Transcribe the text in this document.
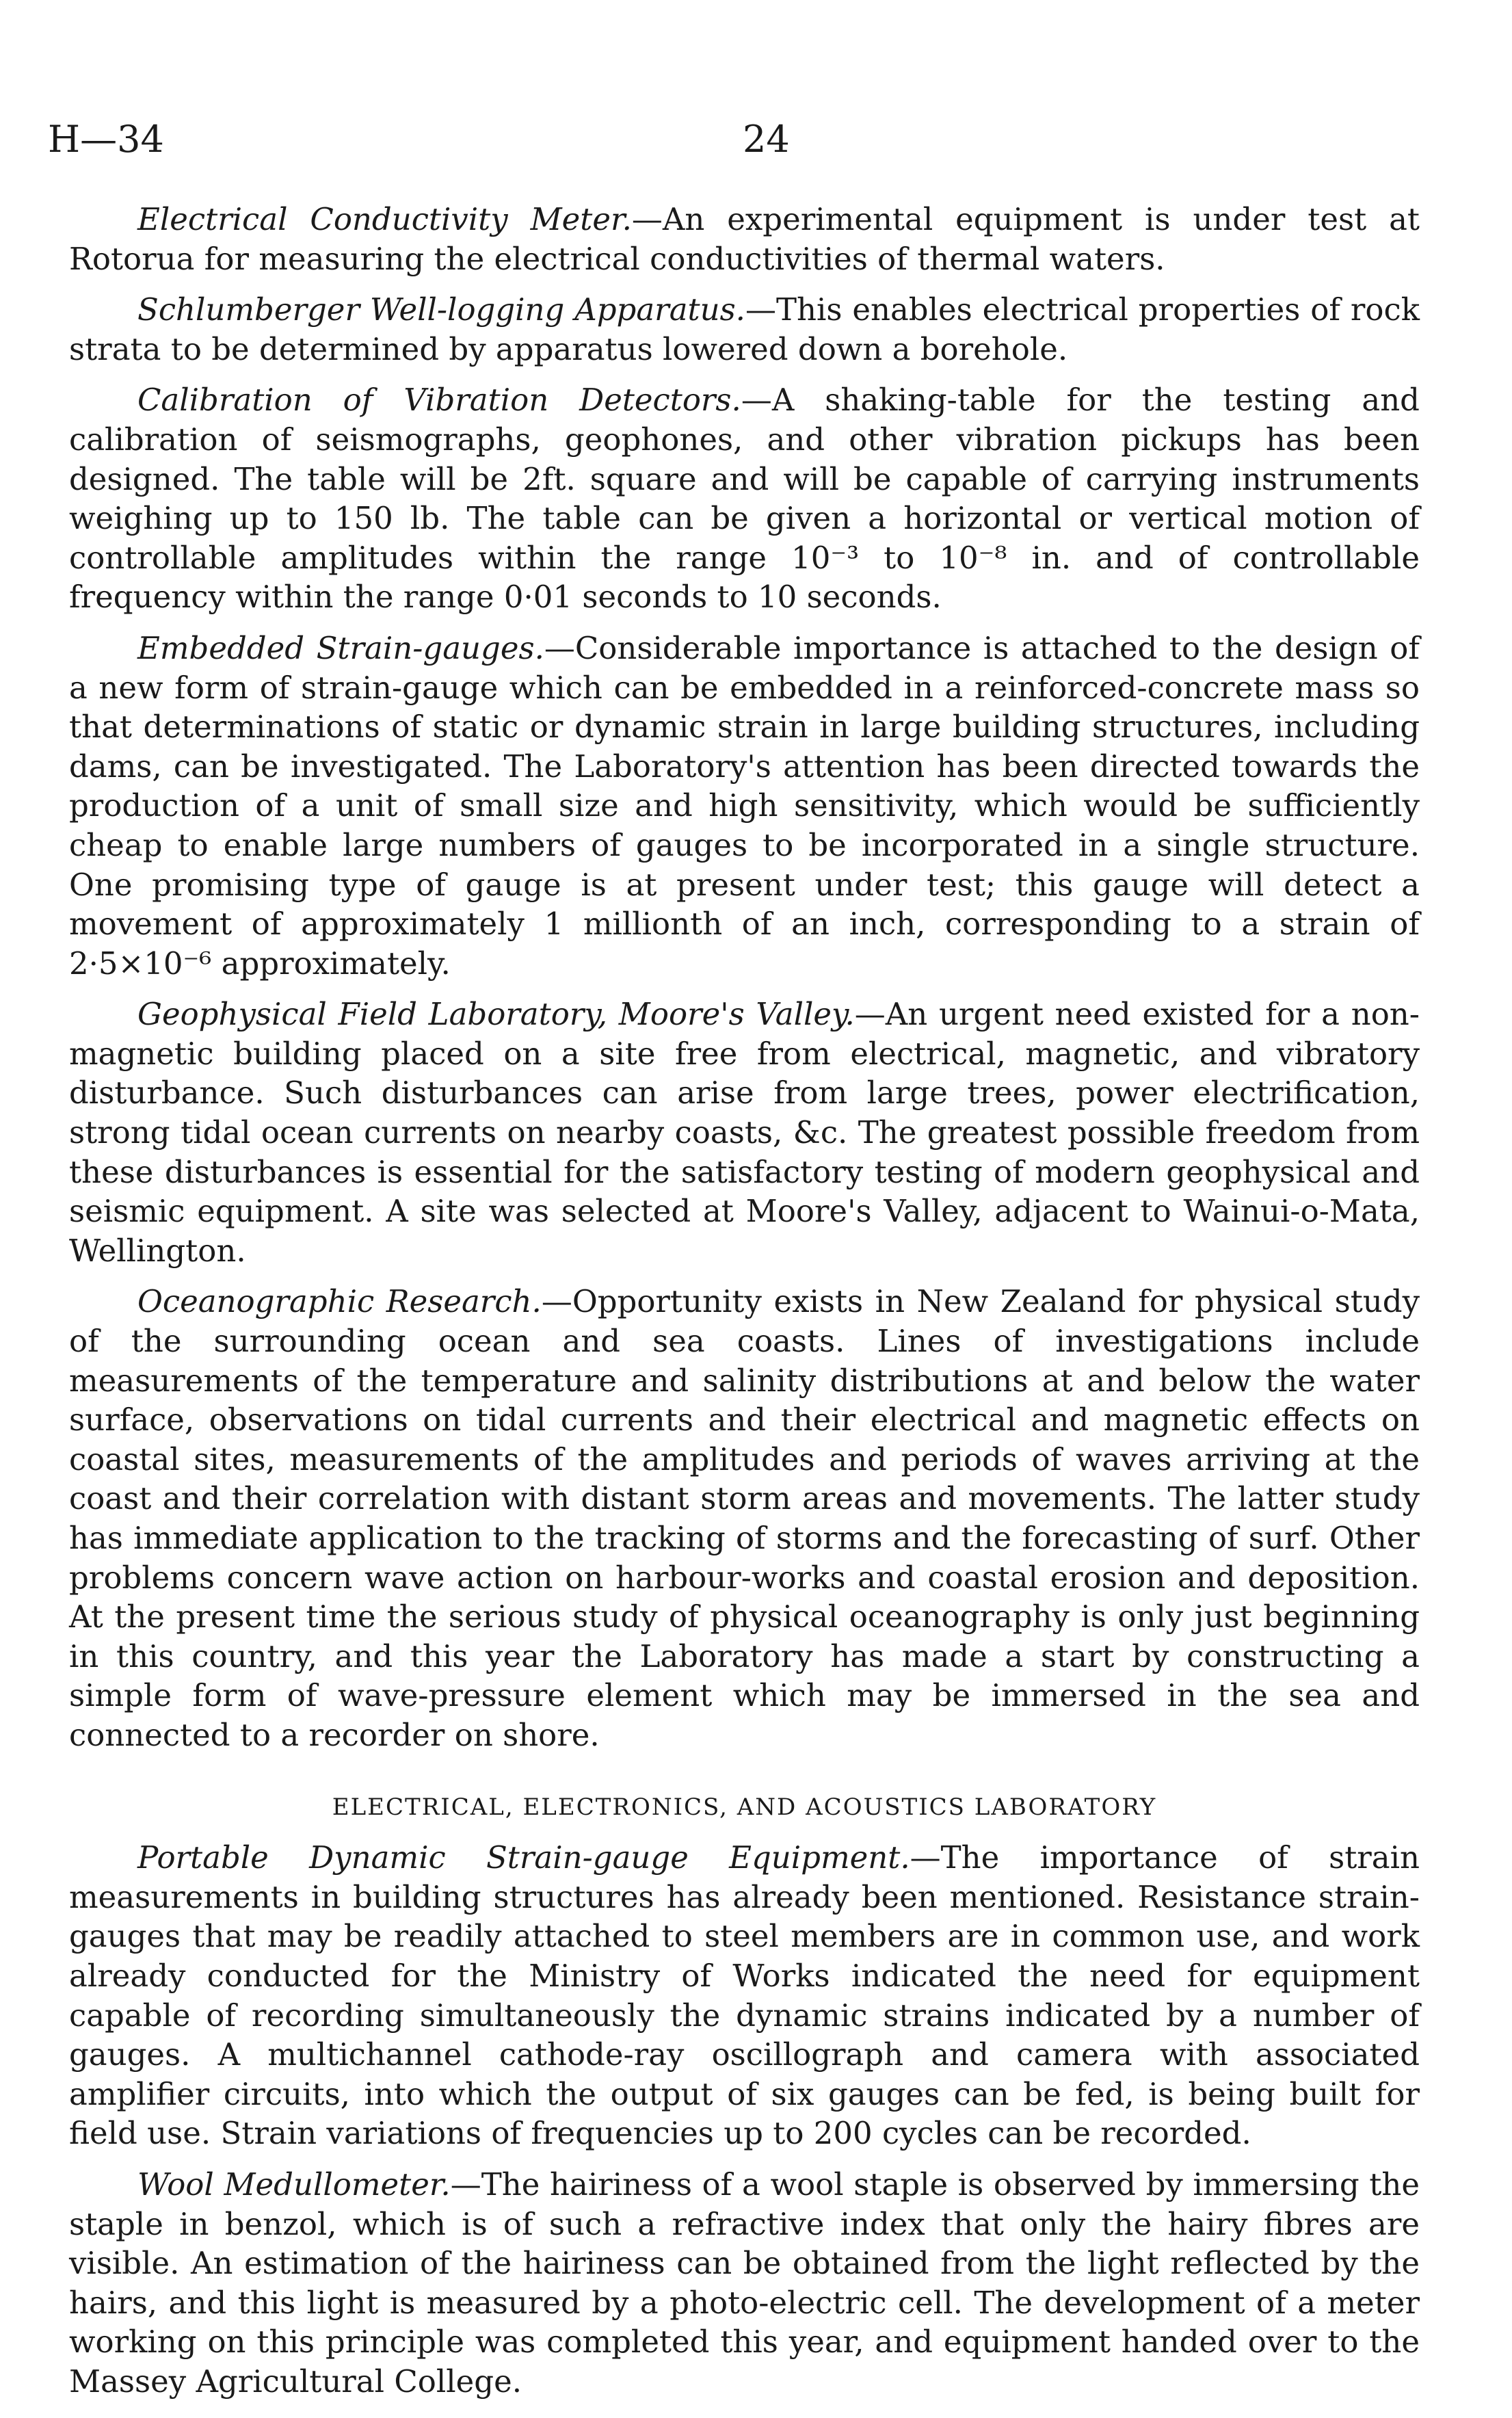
H—34	24

Electrical Conductivity Meter.—An experimental equipment is under test at Rotorua for measuring the electrical conductivities of thermal waters.

Schlumberger Well-logging Apparatus.—This enables electrical properties of rock strata to be determined by apparatus lowered down a borehole.

Calibration of Vibration Detectors.—A shaking-table for the testing and calibration of seismographs, geophones, and other vibration pickups has been designed. The table will be 2ft. square and will be capable of carrying instruments weighing up to 150 lb. The table can be given a horizontal or vertical motion of controllable amplitudes within the range 10⁻³ to 10⁻⁸ in. and of controllable frequency within the range 0·01 seconds to 10 seconds.

Embedded Strain-gauges.—Considerable importance is attached to the design of a new form of strain-gauge which can be embedded in a reinforced-concrete mass so that determinations of static or dynamic strain in large building structures, including dams, can be investigated. The Laboratory's attention has been directed towards the production of a unit of small size and high sensitivity, which would be sufficiently cheap to enable large numbers of gauges to be incorporated in a single structure. One promising type of gauge is at present under test; this gauge will detect a movement of approximately 1 millionth of an inch, corresponding to a strain of 2·5×10⁻⁶ approximately.

Geophysical Field Laboratory, Moore's Valley.—An urgent need existed for a non-magnetic building placed on a site free from electrical, magnetic, and vibratory disturbance. Such disturbances can arise from large trees, power electrification, strong tidal ocean currents on nearby coasts, &c. The greatest possible freedom from these disturbances is essential for the satisfactory testing of modern geophysical and seismic equipment. A site was selected at Moore's Valley, adjacent to Wainui-o-Mata, Wellington.

Oceanographic Research.—Opportunity exists in New Zealand for physical study of the surrounding ocean and sea coasts. Lines of investigations include measurements of the temperature and salinity distributions at and below the water surface, observations on tidal currents and their electrical and magnetic effects on coastal sites, measurements of the amplitudes and periods of waves arriving at the coast and their correlation with distant storm areas and movements. The latter study has immediate application to the tracking of storms and the forecasting of surf. Other problems concern wave action on harbour-works and coastal erosion and deposition. At the present time the serious study of physical oceanography is only just beginning in this country, and this year the Laboratory has made a start by constructing a simple form of wave-pressure element which may be immersed in the sea and connected to a recorder on shore.

ELECTRICAL, ELECTRONICS, AND ACOUSTICS LABORATORY

Portable Dynamic Strain-gauge Equipment.—The importance of strain measurements in building structures has already been mentioned. Resistance strain-gauges that may be readily attached to steel members are in common use, and work already conducted for the Ministry of Works indicated the need for equipment capable of recording simultaneously the dynamic strains indicated by a number of gauges. A multichannel cathode-ray oscillograph and camera with associated amplifier circuits, into which the output of six gauges can be fed, is being built for field use. Strain variations of frequencies up to 200 cycles can be recorded.

Wool Medullometer.—The hairiness of a wool staple is observed by immersing the staple in benzol, which is of such a refractive index that only the hairy fibres are visible. An estimation of the hairiness can be obtained from the light reflected by the hairs, and this light is measured by a photo-electric cell. The development of a meter working on this principle was completed this year, and equipment handed over to the Massey Agricultural College.
